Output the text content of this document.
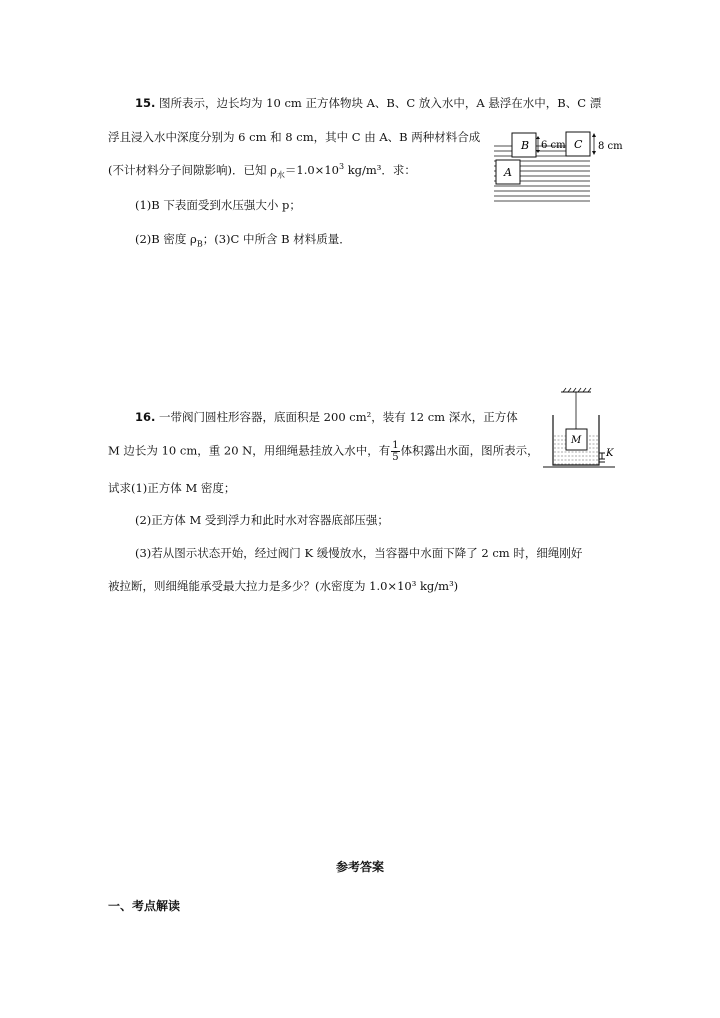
15. 图所表示，边长均为 10 cm 正方体物块 A、B、C 放入水中，A 悬浮在水中，B、C 漂
浮且浸入水中深度分别为 6 cm 和 8 cm，其中 C 由 A、B 两种材料合成
(不计材料分子间隙影响)．已知 $\rho_水=1.0\times 10^3$ kg/m³．求：
(1)B 下表面受到水压强大小 p；
(2)B 密度 $\rho_B$；(3)C 中所含 B 材料质量．
B 6 cm C 8 cm
A
16. 一带阀门圆柱形容器，底面积是 200 cm²，装有 12 cm 深水，正方体
M 边长为 10 cm，重 20 N，用细绳悬挂放入水中，有 $\frac{1}{5}$ 体积露出水面，图所表示，
试求(1)正方体 M 密度；
(2)正方体 M 受到浮力和此时水对容器底部压强；
(3)若从图示状态开始，经过阀门 K 缓慢放水，当容器中水面下降了 2 cm 时，细绳刚好
被拉断，则细绳能承受最大拉力是多少？(水密度为 1.0×10³ kg/m³)
M
K
参考答案
一、考点解读
